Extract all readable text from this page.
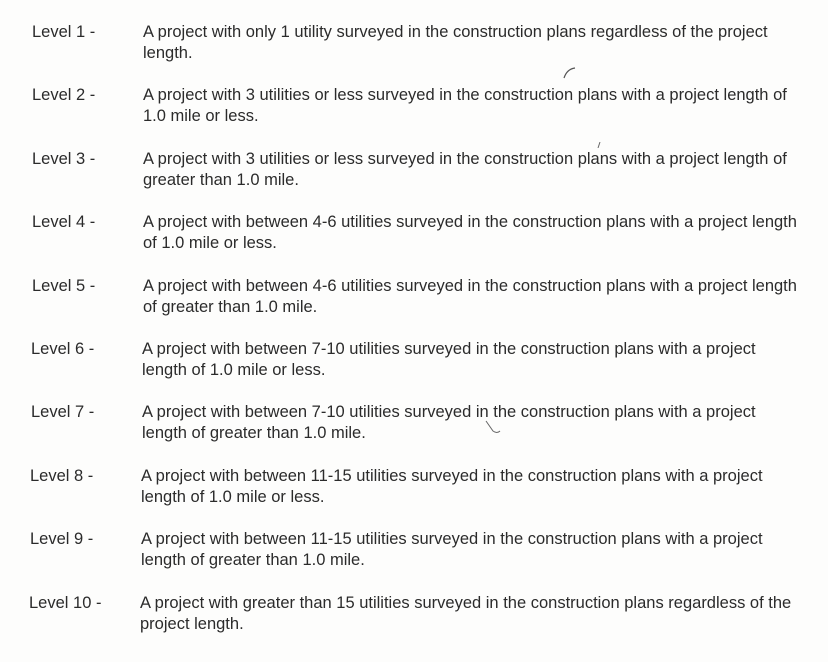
Level 1 -	A project with only 1 utility surveyed in the construction plans regardless of the project length.
Level 2 -	A project with 3 utilities or less surveyed in the construction plans with a project length of 1.0 mile or less.
Level 3 -	A project with 3 utilities or less surveyed in the construction plans with a project length of greater than 1.0 mile.
Level 4 -	A project with between 4-6 utilities surveyed in the construction plans with a project length of 1.0 mile or less.
Level 5 -	A project with between 4-6 utilities surveyed in the construction plans with a project length of greater than 1.0 mile.
Level 6 -	A project with between 7-10 utilities surveyed in the construction plans with a project length of 1.0 mile or less.
Level 7 -	A project with between 7-10 utilities surveyed in the construction plans with a project length of greater than 1.0 mile.
Level 8 -	A project with between 11-15 utilities surveyed in the construction plans with a project length of 1.0 mile or less.
Level 9 -	A project with between 11-15 utilities surveyed in the construction plans with a project length of greater than 1.0 mile.
Level 10 - A project with greater than 15 utilities surveyed in the construction plans regardless of the project length.
